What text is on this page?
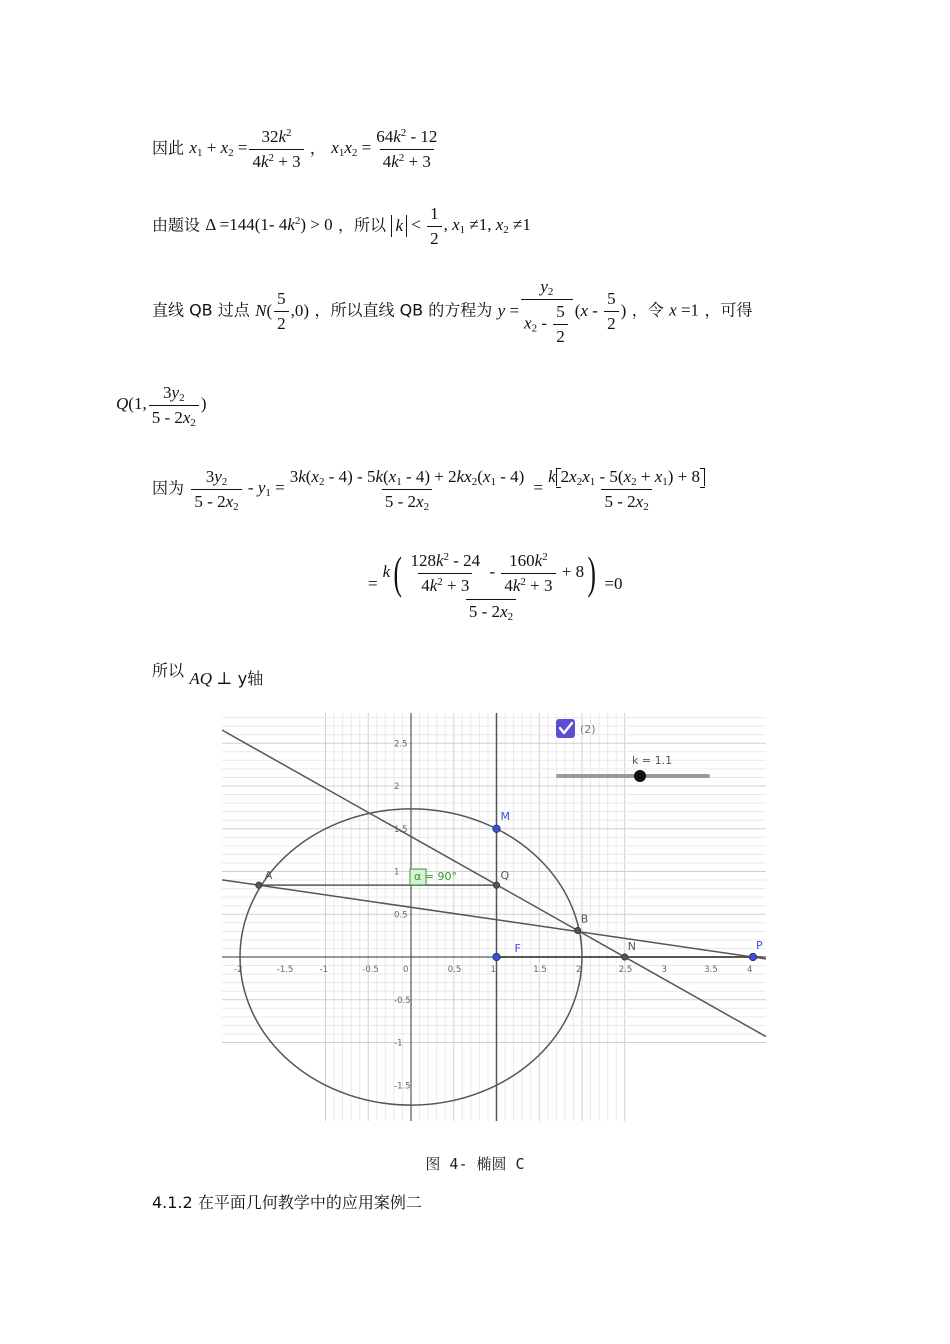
因此 $x_1 + x_2 = \frac{32k^2}{4k^2 + 3}$ ， $x_1x_2 = \frac{64k^2 - 12}{4k^2 + 3}$
由题设 Δ =144(1- $4k^2) > 0$ ，所以 $k < \frac{1}{2}$ , $x_1 \ne 1$, $x_2 \ne 1$
直线 QB 过点 $N( \frac{5}{2} ,0)$ ，所以直线 QB 的方程为 $y = \frac{y_2}{x_2 - \frac{5}{2}} (x - \frac{5}{2}$ ) ，令 x =1 ，可得
Q(1, $\frac{3y_2}{5 - 2x_2}$ )
因为 $\frac{3y_2}{5 - 2x_2} - y_1 = \frac{3k(x_2 - 4) - 5k(x_1 - 4) + 2kx_2(x_1 - 4)}{5 - 2x_2} = \frac{k 2x_2x_1 - 5(x_2 + x_1) + 8}{5 - 2x_2}$
= $\frac{k( \frac{128k^2 - 24}{4k^2 + 3} - \frac{160k^2}{4k^2 + 3} + 8)}{5 - 2x_2} =0$
所以 AQ ⊥ y轴
-2	-1.5	-1	-0.5	0	0.5	1	1.5	2	2.5	3	3.5	4
2.5
2
1.5
1
0.5
-0.5
-1
-1.5
A
M
Q
B
N	P
F
(2)
k = 1.1
α = 90°
图 4- 椭圆 C
4.1.2 在平面几何教学中的应用案例二
